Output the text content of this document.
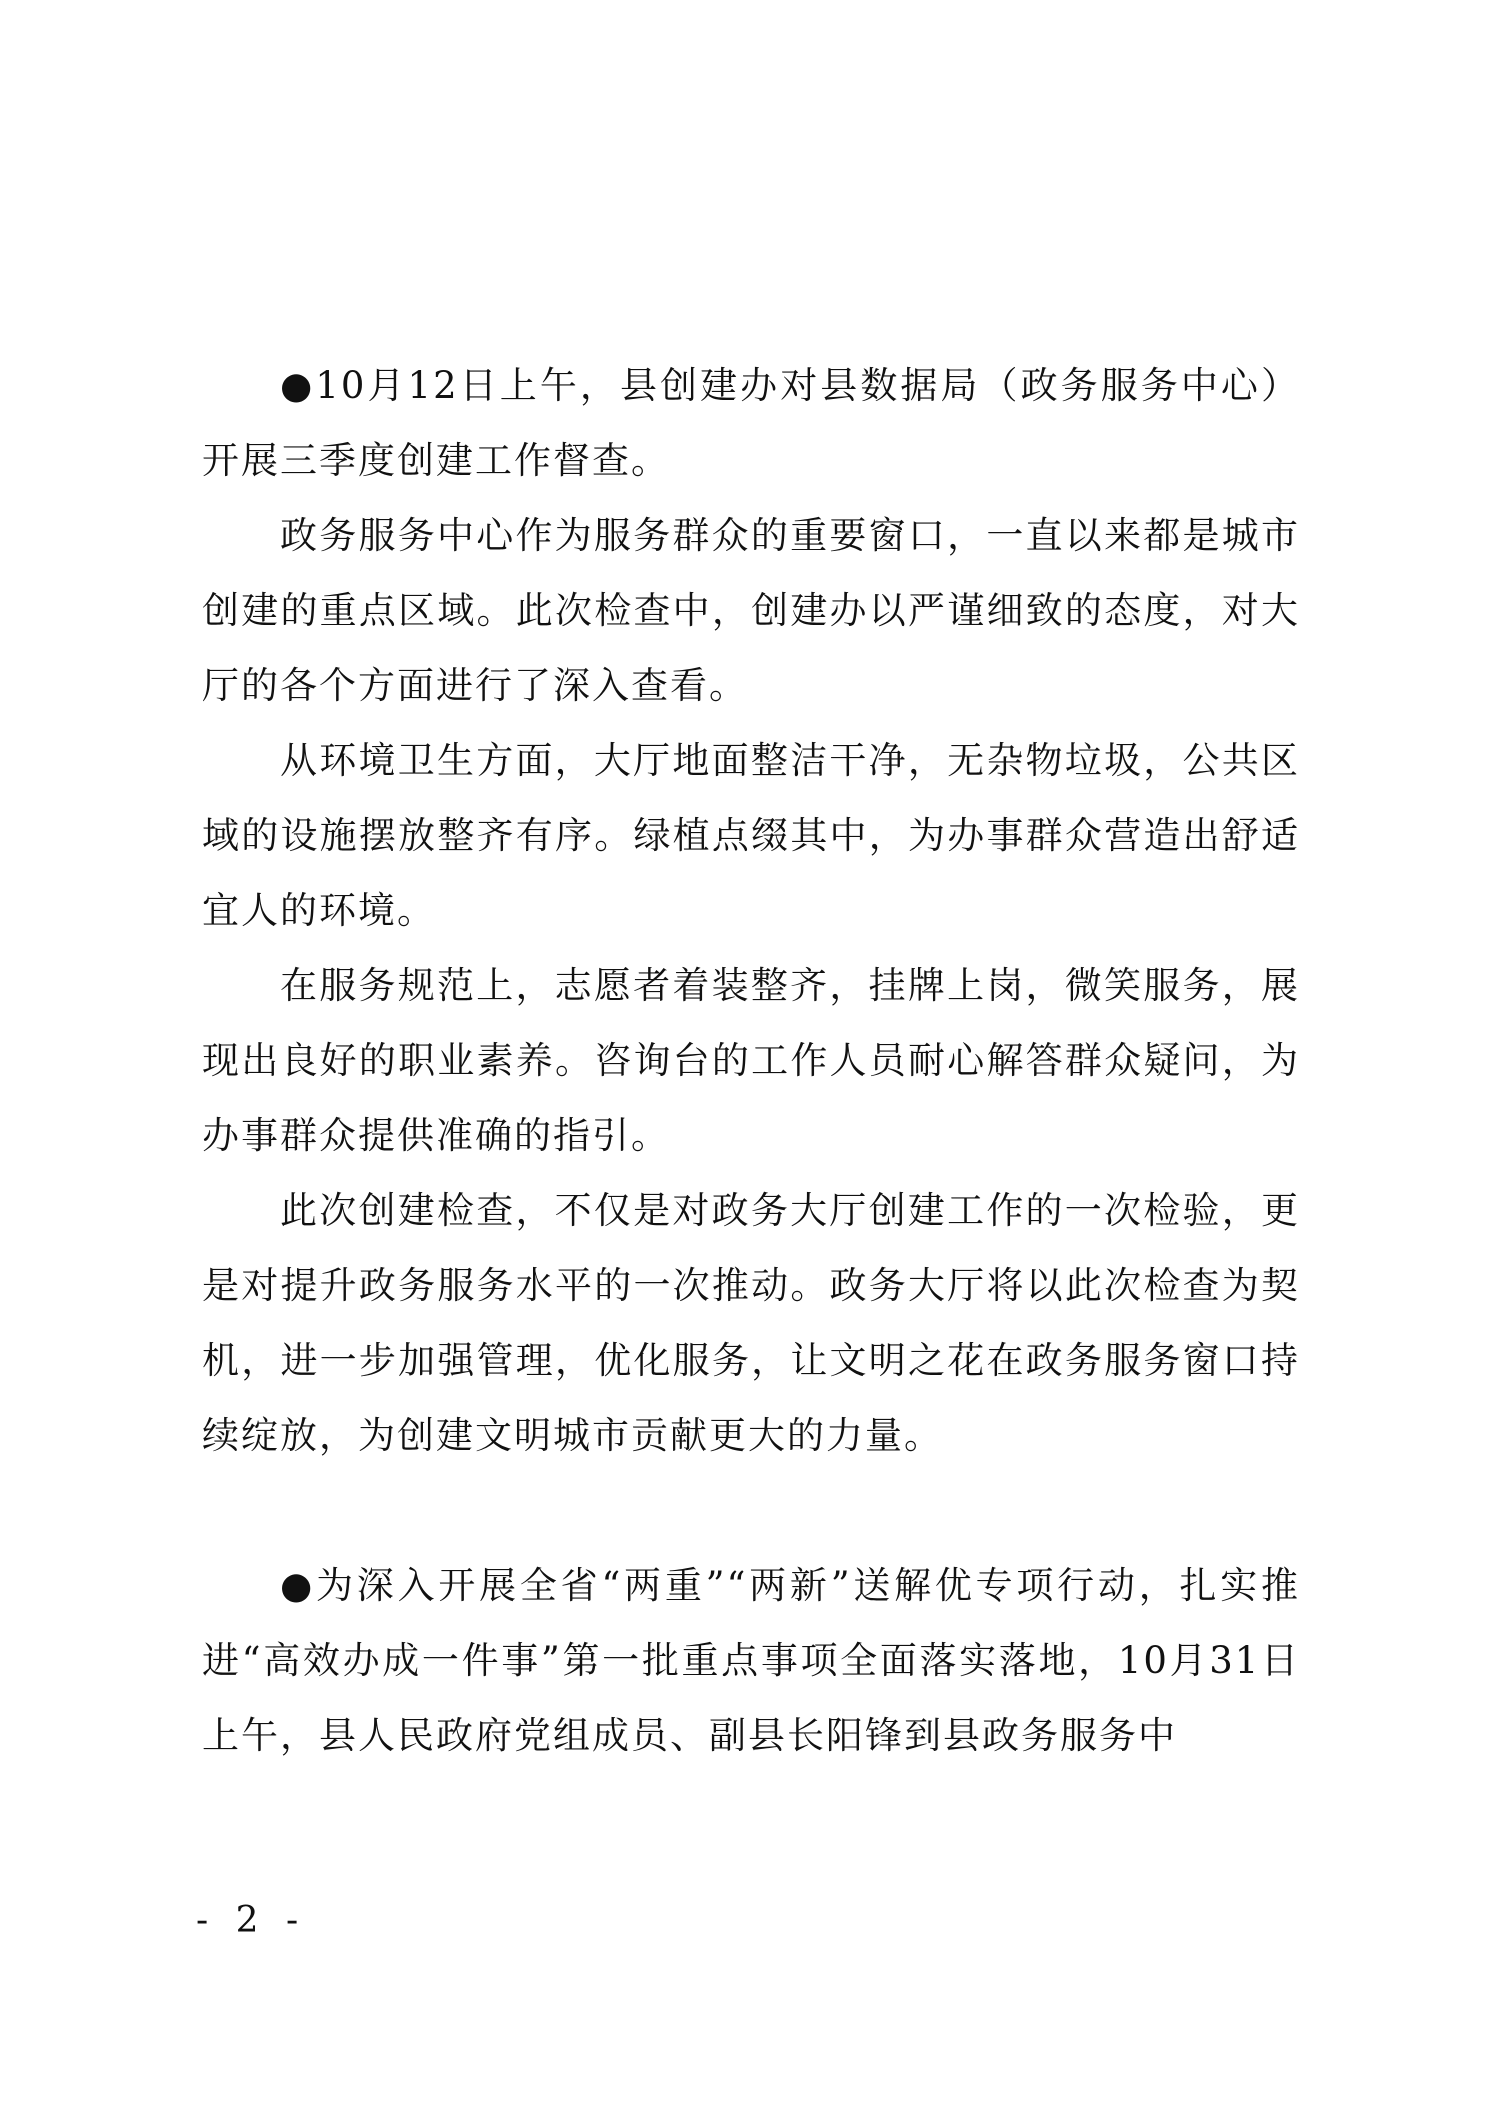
●10月12日上午，县创建办对县数据局（政务服务中心）开展三季度创建工作督查。

政务服务中心作为服务群众的重要窗口，一直以来都是城市创建的重点区域。此次检查中，创建办以严谨细致的态度，对大厅的各个方面进行了深入查看。

从环境卫生方面，大厅地面整洁干净，无杂物垃圾，公共区域的设施摆放整齐有序。绿植点缀其中，为办事群众营造出舒适宜人的环境。

在服务规范上，志愿者着装整齐，挂牌上岗，微笑服务，展现出良好的职业素养。咨询台的工作人员耐心解答群众疑问，为办事群众提供准确的指引。

此次创建检查，不仅是对政务大厅创建工作的一次检验，更是对提升政务服务水平的一次推动。政务大厅将以此次检查为契机，进一步加强管理，优化服务，让文明之花在政务服务窗口持续绽放，为创建文明城市贡献更大的力量。

●为深入开展全省“两重”“两新”送解优专项行动，扎实推进“高效办成一件事”第一批重点事项全面落实落地，10月31日上午，县人民政府党组成员、副县长阳锋到县政务服务中

- 2 -
